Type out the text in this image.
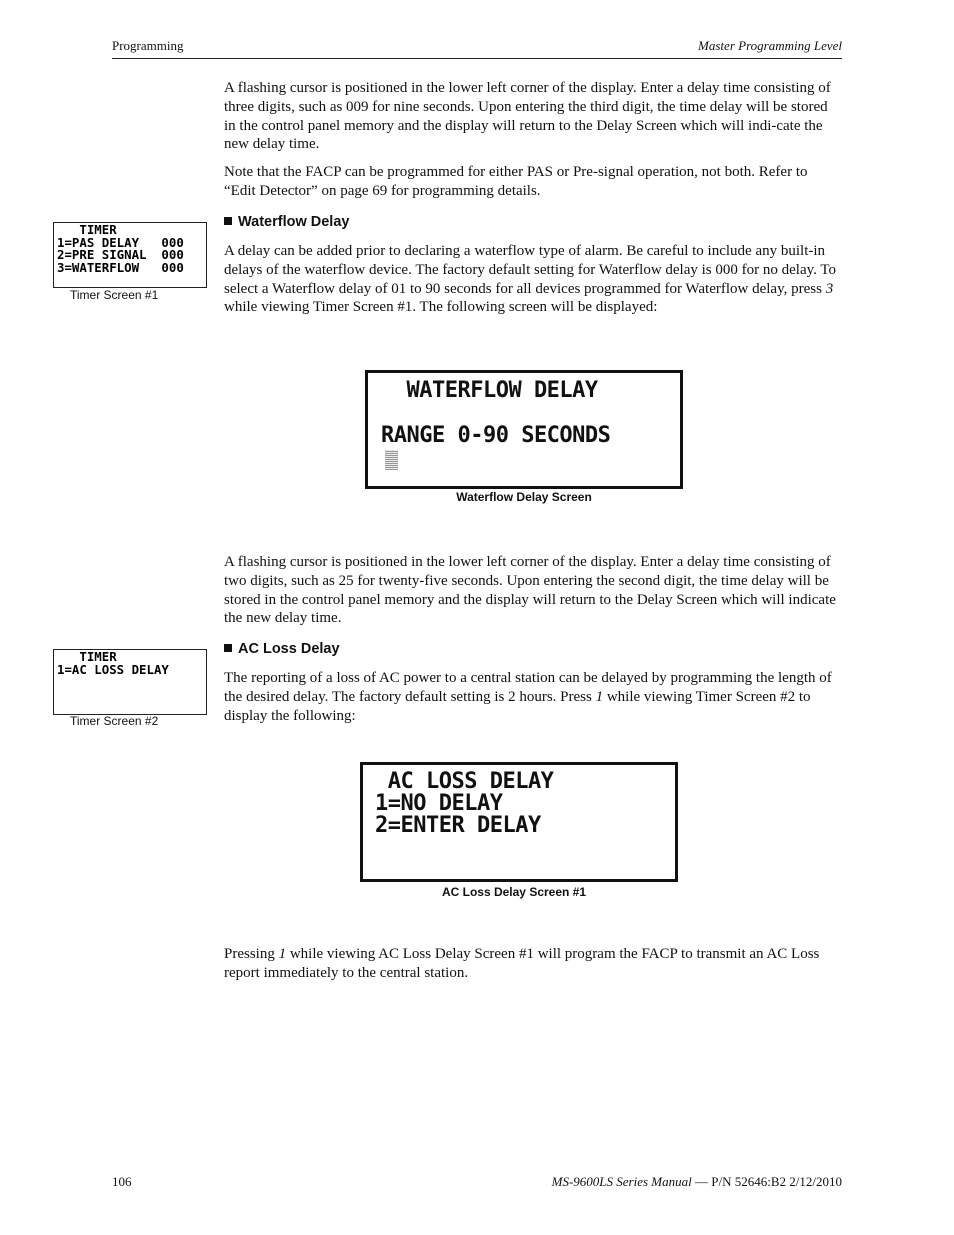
Programming	Master Programming Level

A flashing cursor is positioned in the lower left corner of the display. Enter a delay time consisting of three digits, such as 009 for nine seconds. Upon entering the third digit, the time delay will be stored in the control panel memory and the display will return to the Delay Screen which will indi-cate the new delay time.

Note that the FACP can be programmed for either PAS or Pre-signal operation, not both. Refer to “Edit Detector” on page 69 for programming details.

TIMER
1=PAS DELAY   000
2=PRE SIGNAL  000
3=WATERFLOW   000
Timer Screen #1
Waterflow Delay

A delay can be added prior to declaring a waterflow type of alarm. Be careful to include any built-in delays of the waterflow device. The factory default setting for Waterflow delay is 000 for no delay. To select a Waterflow delay of 01 to 90 seconds for all devices programmed for Waterflow delay, press 3 while viewing Timer Screen #1. The following screen will be displayed:

WATERFLOW DELAY

RANGE 0-90 SECONDS

Waterflow Delay Screen

A flashing cursor is positioned in the lower left corner of the display. Enter a delay time consisting of two digits, such as 25 for twenty-five seconds. Upon entering the second digit, the time delay will be stored in the control panel memory and the display will return to the Delay Screen which will indicate the new delay time.

TIMER
1=AC LOSS DELAY
Timer Screen #2
AC Loss Delay

The reporting of a loss of AC power to a central station can be delayed by programming the length of the desired delay. The factory default setting is 2 hours. Press 1 while viewing Timer Screen #2 to display the following:

AC LOSS DELAY
1=NO DELAY
2=ENTER DELAY

AC Loss Delay Screen #1

Pressing 1 while viewing AC Loss Delay Screen #1 will program the FACP to transmit an AC Loss report immediately to the central station.

106	MS-9600LS Series Manual — P/N 52646:B2 2/12/2010
